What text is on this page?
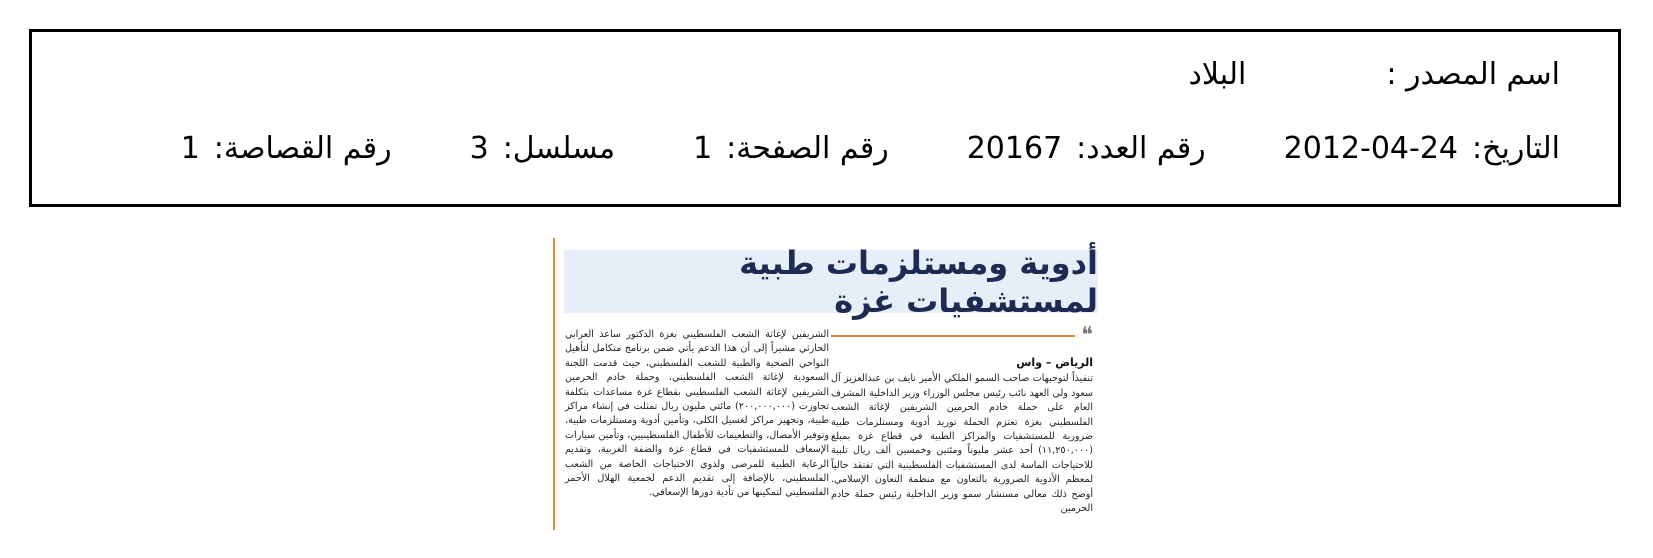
اسم المصدر :
البلاد
التاريخ:
2012-04-24
رقم العدد:
20167
رقم الصفحة:
1
مسلسل:
3
رقم القصاصة:
1
أدوية ومستلزمات طبية لمستشفيات غزة
❝
الرياض – واس

تنفيذاً لتوجيهات صاحب السمو الملكي الأمير نايف بن عبدالعزيز آل سعود ولي العهد نائب رئيس مجلس الوزراء وزير الداخلية المشرف العام على حملة خادم الحرمين الشريفين لإغاثة الشعب الفلسطيني بغزة تعتزم الحملة توريد أدوية ومستلزمات طبية ضرورية للمستشفيات والمراكز الطبية في قطاع غزة بمبلغ (١١,٢٥٠,٠٠٠) أحد عشر مليوناً ومئتين وخمسين ألف ريال تلبية للاحتياجات الماسة لدى المستشفيات الفلسطينية التي تفتقد حالياً لمعظم الأدوية الضرورية بالتعاون مع منظمة التعاون الإسلامي. أوضح ذلك معالي مستشار سمو وزير الداخلية رئيس حملة خادم الحرمين

الشريفين لإغاثة الشعب الفلسطيني بغزة الدكتور ساعد العرابي الحارثي مشيراً إلى أن هذا الدعم يأتي ضمن برنامج متكامل لتأهيل النواحي الصحية والطبية للشعب الفلسطيني، حيث قدمت اللجنة السعودية لإغاثة الشعب الفلسطيني، وحملة خادم الحرمين الشريفين لإغاثة الشعب الفلسطيني بقطاع غزة مساعدات بتكلفة تجاوزت (٢٠٠,٠٠٠,٠٠٠) مائتي مليون ريال تمثلت في إنشاء مراكز طبية، وتجهيز مراكز لغسيل الكلى، وتأمين أدوية ومستلزمات طبية، وتوفير الأمصال، والتطعيمات للأطفال الفلسطينيين، وتأمين سيارات الإسعاف للمستشفيات في قطاع غزة والضفة الغربية، وتقديم الرعاية الطبية للمرضى ولذوي الاحتياجات الخاصة من الشعب الفلسطيني، بالإضافة إلى تقديم الدعم لجمعية الهلال الأحمر الفلسطيني لتمكينها من تأدية دورها الإسعافي.
